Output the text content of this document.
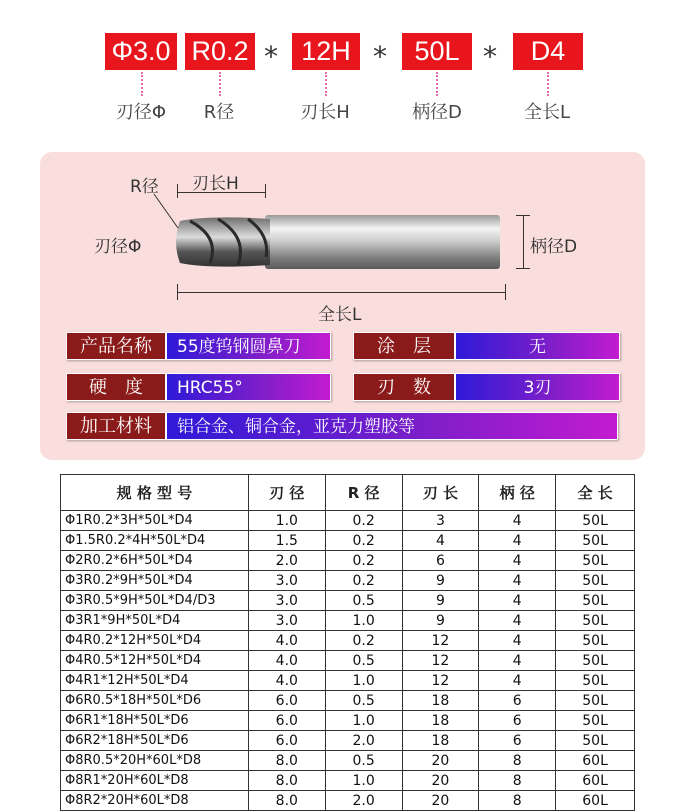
Φ3.0 R0.2 * 12H *	50L *	D4
刃径Φ	R径	刃长H	柄径D	全长L
R径 刃长H
刃径Φ	柄径D
全长L
产品名称	55度钨钢圆鼻刀	涂　层	无
硬　度	HRC55°	刃　数	3刃
加工材料	铝合金、铜合金，亚克力塑胶等
规 格 型 号	刃 径	R 径	刃 长	柄 径	全 长
Φ1R0.2*3H*50L*D4	1.0	0.2	3	4	50L
Φ1.5R0.2*4H*50L*D4	1.5	0.2	4	4	50L
Φ2R0.2*6H*50L*D4	2.0	0.2	6	4	50L
Φ3R0.2*9H*50L*D4	3.0	0.2	9	4	50L
Φ3R0.5*9H*50L*D4/D3	3.0	0.5	9	4	50L
Φ3R1*9H*50L*D4	3.0	1.0	9	4	50L
Φ4R0.2*12H*50L*D4	4.0	0.2	12	4	50L
Φ4R0.5*12H*50L*D4	4.0	0.5	12	4	50L
Φ4R1*12H*50L*D4	4.0	1.0	12	4	50L
Φ6R0.5*18H*50L*D6	6.0	0.5	18	6	50L
Φ6R1*18H*50L*D6	6.0	1.0	18	6	50L
Φ6R2*18H*50L*D6	6.0	2.0	18	6	50L
Φ8R0.5*20H*60L*D8	8.0	0.5	20	8	60L
Φ8R1*20H*60L*D8	8.0	1.0	20	8	60L
Φ8R2*20H*60L*D8	8.0	2.0	20	8	60L
